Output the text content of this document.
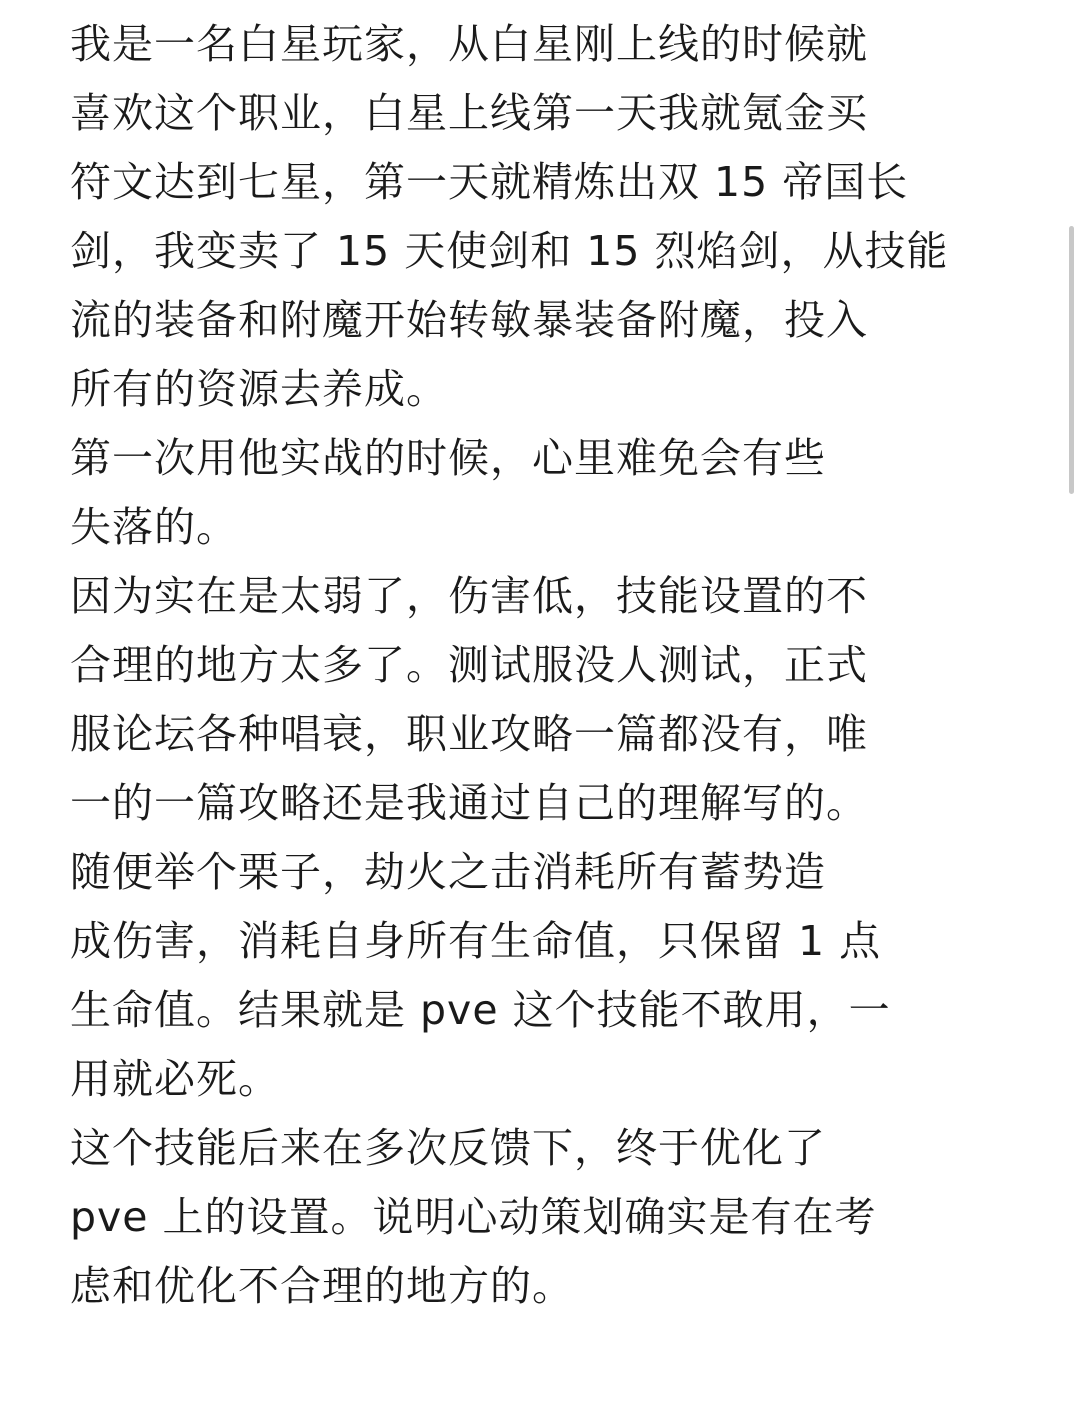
我是一名白星玩家，从白星刚上线的时候就
喜欢这个职业，白星上线第一天我就氪金买
符文达到七星，第一天就精炼出双 15 帝国长
剑，我变卖了 15 天使剑和 15 烈焰剑，从技能
流的装备和附魔开始转敏暴装备附魔，投入
所有的资源去养成。
第一次用他实战的时候，心里难免会有些
失落的。
因为实在是太弱了，伤害低，技能设置的不
合理的地方太多了。测试服没人测试，正式
服论坛各种唱衰，职业攻略一篇都没有，唯
一的一篇攻略还是我通过自己的理解写的。
随便举个栗子，劫火之击消耗所有蓄势造
成伤害，消耗自身所有生命值，只保留 1 点
生命值。结果就是 pve 这个技能不敢用，一
用就必死。
这个技能后来在多次反馈下，终于优化了
pve 上的设置。说明心动策划确实是有在考
虑和优化不合理的地方的。
